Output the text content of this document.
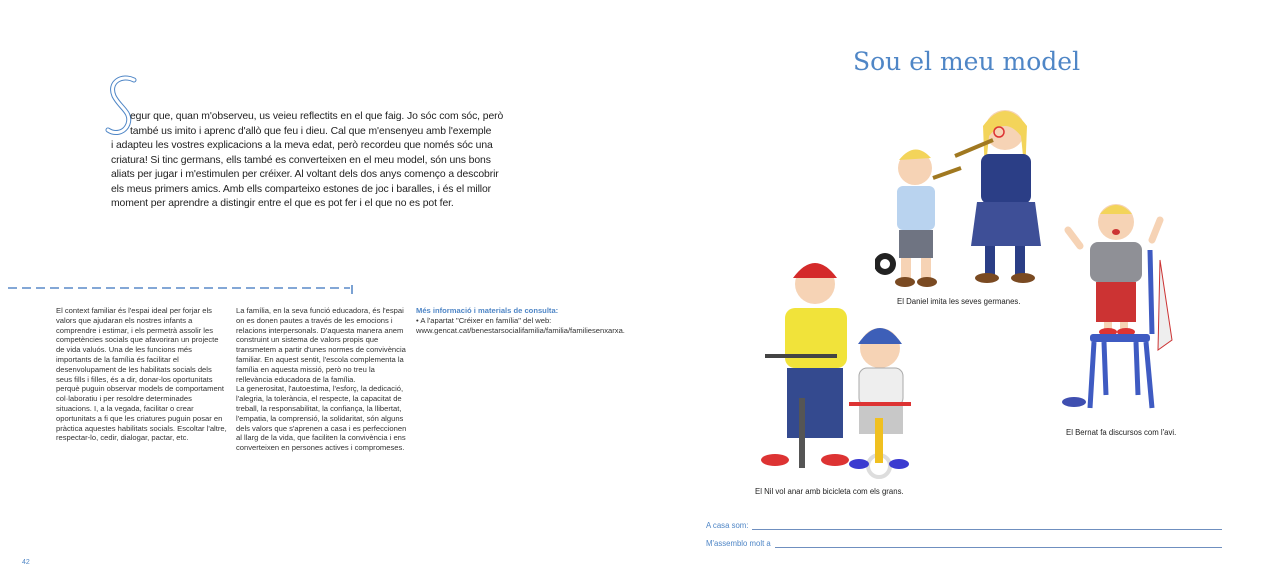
egur que, quan m'observeu, us veieu reflectits en el que faig. Jo sóc com sóc, però

també us imito i aprenc d'allò que feu i dieu. Cal que m'ensenyeu amb l'exemple

i adapteu les vostres explicacions a la meva edat, però recordeu que només sóc una

criatura! Si tinc germans, ells també es converteixen en el meu model, són uns bons

aliats per jugar i m'estimulen per créixer. Al voltant dels dos anys començo a descobrir

els meus primers amics. Amb ells comparteixo estones de joc i baralles, i és el millor

moment per aprendre a distingir entre el que es pot fer i el que no es pot fer.

El context familiar és l'espai ideal per forjar els valors que ajudaran els nostres infants a comprendre i estimar, i els permetrà assolir les competències socials que afavoriran un projecte de vida valuós. Una de les funcions més importants de la família és facilitar el desenvolupament de les habilitats socials dels seus fills i filles, és a dir, donar-los oportunitats perquè puguin observar models de comportament col·laboratiu i per resoldre determinades situacions. I, a la vegada, facilitar o crear oportunitats a fi que les criatures puguin posar en pràctica aquestes habilitats socials. Escoltar l'altre, respectar-lo, cedir, dialogar, pactar, etc.

La família, en la seva funció educadora, és l'espai on es donen pautes a través de les emocions i relacions interpersonals. D'aquesta manera anem construint un sistema de valors propis que transmetem a partir d'unes normes de convivència familiar. En aquest sentit, l'escola complementa la família en aquesta missió, però no treu la rellevància educadora de la família.

La generositat, l'autoestima, l'esforç, la dedicació, l'alegria, la tolerància, el respecte, la capacitat de treball, la responsabilitat, la confiança, la llibertat, l'empatia, la comprensió, la solidaritat, són alguns dels valors que s'aprenen a casa i es perfeccionen al llarg de la vida, que faciliten la convivència i ens converteixen en persones actives i compromeses.

Més informació i materials de consulta:

• A l'apartat "Créixer en família" del web: www.gencat.cat/benestarsocialifamilia/familia/familiesenxarxa.

42
Sou el meu model
El Daniel imita les seves germanes.
El Bernat fa discursos com l'avi.
El Nil vol anar amb bicicleta com els grans.
A casa som:
M'assemblo molt a
